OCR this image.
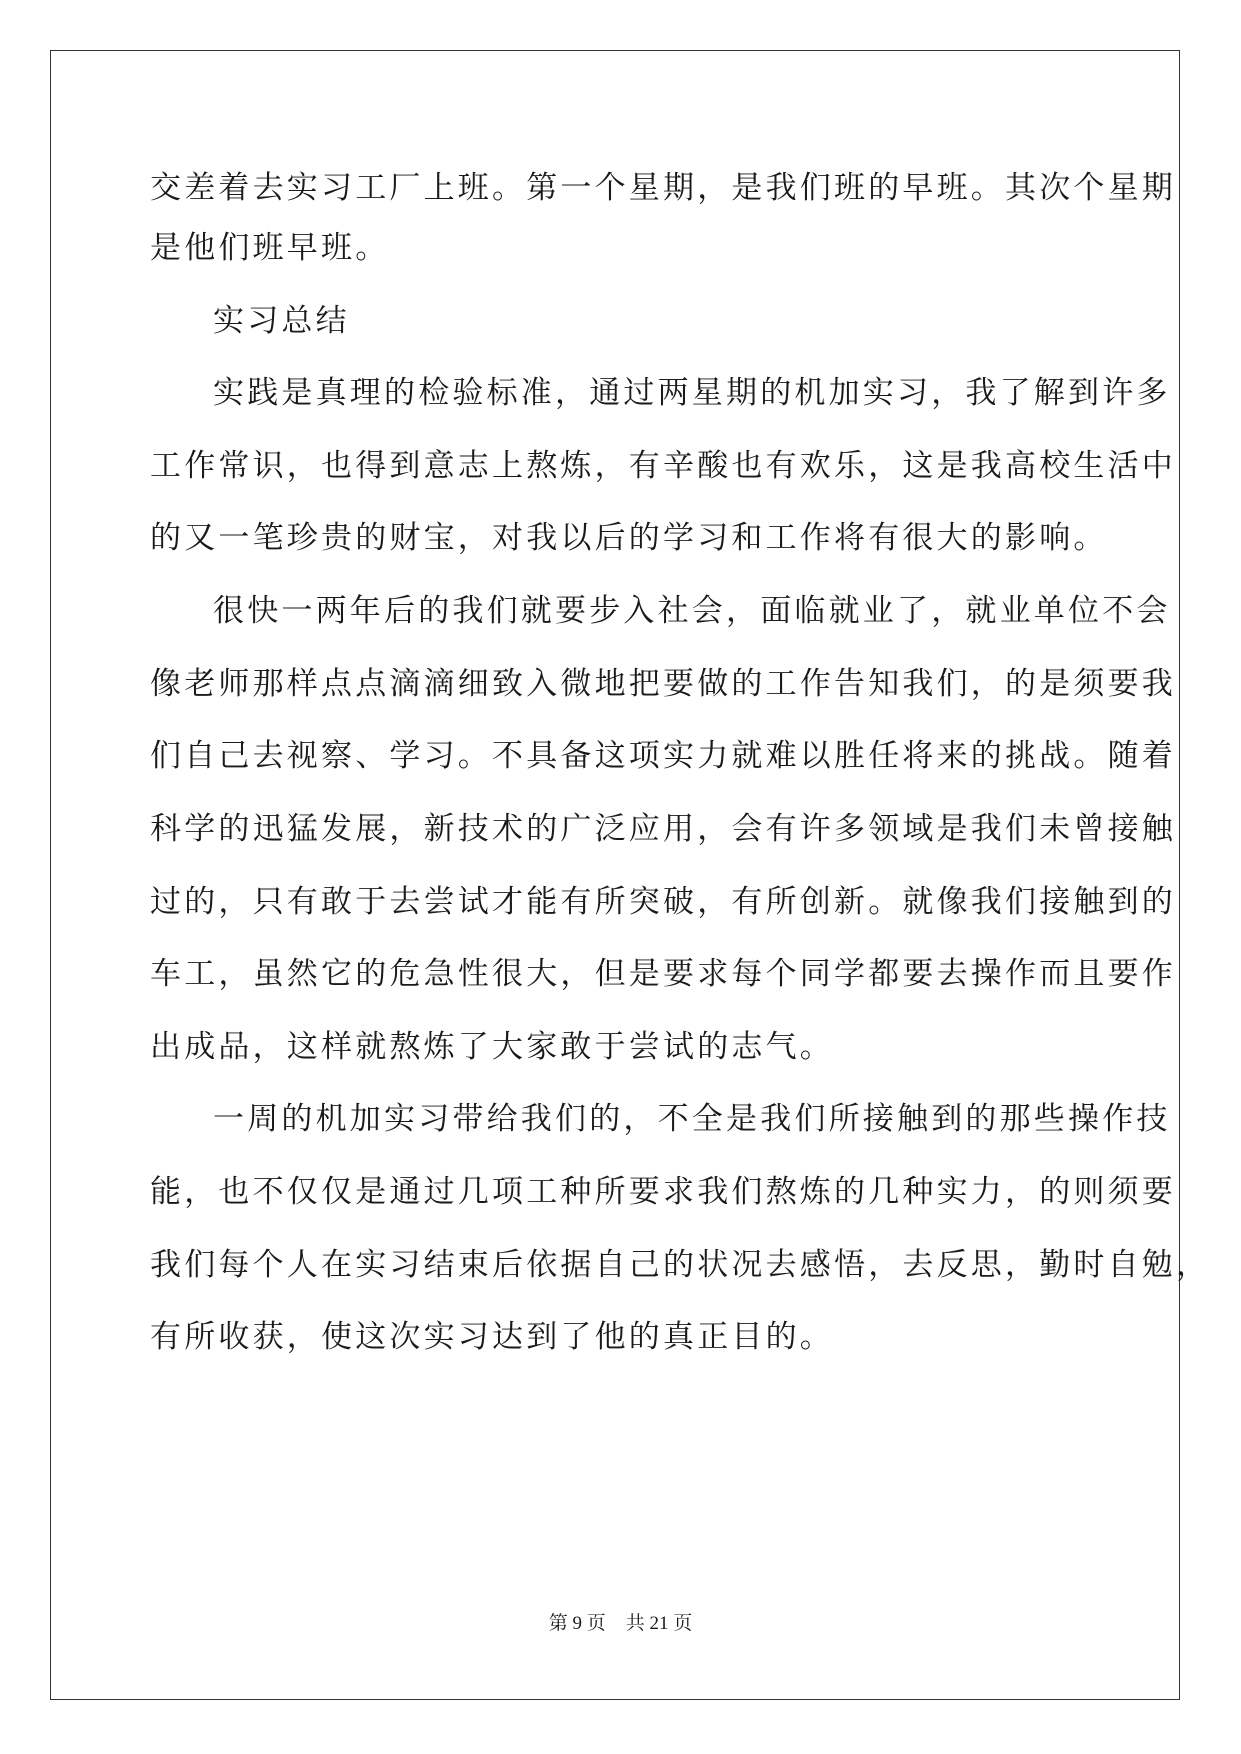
交差着去实习工厂上班。第一个星期，是我们班的早班。其次个星期
是他们班早班。
实习总结
实践是真理的检验标准，通过两星期的机加实习，我了解到许多
工作常识，也得到意志上熬炼，有辛酸也有欢乐，这是我高校生活中
的又一笔珍贵的财宝，对我以后的学习和工作将有很大的影响。
很快一两年后的我们就要步入社会，面临就业了，就业单位不会
像老师那样点点滴滴细致入微地把要做的工作告知我们，的是须要我
们自己去视察、学习。不具备这项实力就难以胜任将来的挑战。随着
科学的迅猛发展，新技术的广泛应用，会有许多领域是我们未曾接触
过的，只有敢于去尝试才能有所突破，有所创新。就像我们接触到的
车工，虽然它的危急性很大，但是要求每个同学都要去操作而且要作
出成品，这样就熬炼了大家敢于尝试的志气。
一周的机加实习带给我们的，不全是我们所接触到的那些操作技
能，也不仅仅是通过几项工种所要求我们熬炼的几种实力，的则须要
我们每个人在实习结束后依据自己的状况去感悟，去反思，勤时自勉，
有所收获，使这次实习达到了他的真正目的。
第 9 页 共 21 页
